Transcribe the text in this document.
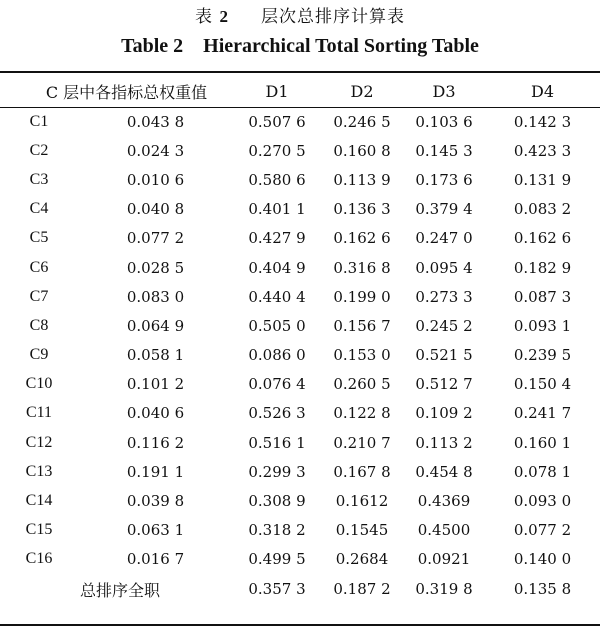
表 2 层次总排序计算表
Table 2    Hierarchical Total Sorting Table
C 层中各指标总权重值		D1	D2	D3	D4
C1	0.043 8	0.507 6	0.246 5	0.103 6	0.142 3
C2	0.024 3	0.270 5	0.160 8	0.145 3	0.423 3
C3	0.010 6	0.580 6	0.113 9	0.173 6	0.131 9
C4	0.040 8	0.401 1	0.136 3	0.379 4	0.083 2
C5	0.077 2	0.427 9	0.162 6	0.247 0	0.162 6
C6	0.028 5	0.404 9	0.316 8	0.095 4	0.182 9
C7	0.083 0	0.440 4	0.199 0	0.273 3	0.087 3
C8	0.064 9	0.505 0	0.156 7	0.245 2	0.093 1
C9	0.058 1	0.086 0	0.153 0	0.521 5	0.239 5
C10	0.101 2	0.076 4	0.260 5	0.512 7	0.150 4
C11	0.040 6	0.526 3	0.122 8	0.109 2	0.241 7
C12	0.116 2	0.516 1	0.210 7	0.113 2	0.160 1
C13	0.191 1	0.299 3	0.167 8	0.454 8	0.078 1
C14	0.039 8	0.308 9	0.1612	0.4369	0.093 0
C15	0.063 1	0.318 2	0.1545	0.4500	0.077 2
C16	0.016 7	0.499 5	0.2684	0.0921	0.140 0
总排序全职		0.357 3	0.187 2	0.319 8	0.135 8
